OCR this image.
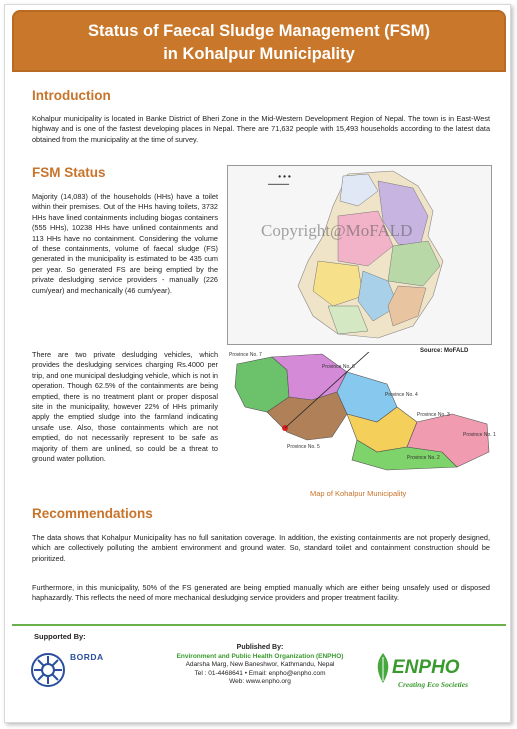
Status of Faecal Sludge Management (FSM)
in Kohalpur Municipality
Introduction

Kohalpur municipality is located in Banke District of Bheri Zone in the Mid-Western Development Region of Nepal. The town is in East-West highway and is one of the fastest developing places in Nepal. There are 71,632 people with 15,493 households according to the latest data obtained from the municipality at the time of survey.

FSM Status

Majority (14,083) of the households (HHs) have a toilet within their premises. Out of the HHs having toilets, 3732 HHs have lined containments including biogas containers (555 HHs), 10238 HHs have unlined containments and 113 HHs have no containment. Considering the volume of these containments, volume of faecal sludge (FS) generated in the municipality is estimated to be 435 cum per year. So generated FS are being emptied by the private desludging service providers - manually (226 cum/year) and mechanically (46 cum/year).

There are two private desludging vehicles, which provides the desludging services charging Rs.4000 per trip, and one municipal desludging vehicle, which is not in operation. Though 62.5% of the containments are being emptied, there is no treatment plant or proper disposal site in the municipality, however 22% of HHs primarily apply the emptied sludge into the farmland indicating unsafe use. Also, those containments which are not emptied, do not necessarily represent to be safe as majority of them are unlined, so could be a threat to ground water pollution.

● ● ●
━━━━━━━
Copyright@MoFALD
Source: MoFALD
Province No. 7
Province No. 6
Province No. 5
Province No. 4
Province No. 3
Province No. 2
Province No. 1
Map of Kohalpur Municipality
Recommendations

The data shows that Kohalpur Municipality has no full sanitation coverage. In addition, the existing containments are not properly designed, which are collectively polluting the ambient environment and ground water. So, standard toilet and containment construction should be prioritized.

Furthermore, in this municipality, 50% of the FS generated are being emptied manually which are either being unsafely used or disposed haphazardly. This reflects the need of more mechanical desludging service providers and proper treatment facility.

Supported By:
BORDA
Published By:
Environment and Public Health Organization (ENPHO)
Adarsha Marg, New Baneshwor, Kathmandu, Nepal
Tel : 01-4468641 • Email: enpho@enpho.com
Web: www.enpho.org
ENPHO
Creating Eco Societies
